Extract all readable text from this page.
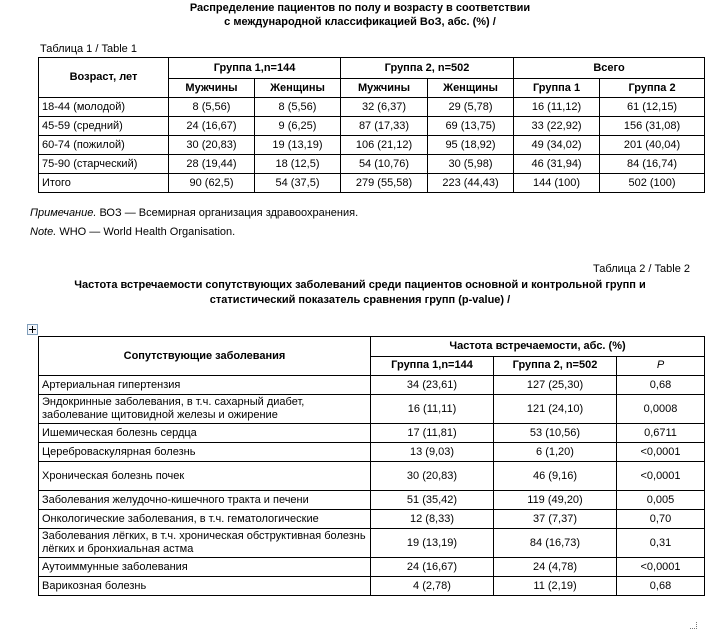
Распределение пациентов по полу и возрасту в соответствии
с международной классификацией ВоЗ, абс. (%) /
Таблица 1 / Table 1
Возраст, лет	Группа 1,n=144		Группа 2, n=502		Всего	
	Мужчины	Женщины	Мужчины	Женщины	Группа 1	Группа 2
18-44 (молодой)	8 (5,56)	8 (5,56)	32 (6,37)	29 (5,78)	16 (11,12)	61 (12,15)
45-59 (средний)	24 (16,67)	9 (6,25)	87 (17,33)	69 (13,75)	33 (22,92)	156 (31,08)
60-74 (пожилой)	30 (20,83)	19 (13,19)	106 (21,12)	95 (18,92)	49 (34,02)	201 (40,04)
75-90 (старческий)	28 (19,44)	18 (12,5)	54 (10,76)	30 (5,98)	46 (31,94)	84 (16,74)
Итого	90 (62,5)	54 (37,5)	279 (55,58)	223 (44,43)	144 (100)	502 (100)
Примечание. ВОЗ — Всемирная организация здравоохранения.
Note. WHO — World Health Organisation.
Таблица 2 / Table 2
Частота встречаемости сопутствующих заболеваний среди пациентов основной и контрольной групп и
статистический показатель сравнения групп (p-value) /
Сопутствующие заболевания	Частота встречаемости, абс. (%)		
	Группа 1,n=144	Группа 2, n=502	Р
Артериальная гипертензия	34 (23,61)	127 (25,30)	0,68
Эндокринные заболевания, в т.ч. сахарный диабет, заболевание щитовидной железы и ожирение	16 (11,11)	121 (24,10)	0,0008
Ишемическая болезнь сердца	17 (11,81)	53 (10,56)	0,6711
Цереброваскулярная болезнь	13 (9,03)	6 (1,20)	<0,0001
Хроническая болезнь почек	30 (20,83)	46 (9,16)	<0,0001
Заболевания желудочно-кишечного тракта и печени	51 (35,42)	119 (49,20)	0,005
Онкологические заболевания, в т.ч. гематологические	12 (8,33)	37 (7,37)	0,70
Заболевания лёгких, в т.ч. хроническая обструктивная болезнь лёгких и бронхиальная астма	19 (13,19)	84 (16,73)	0,31
Аутоиммунные заболевания	24 (16,67)	24 (4,78)	<0,0001
Варикозная болезнь	4 (2,78)	11 (2,19)	0,68
